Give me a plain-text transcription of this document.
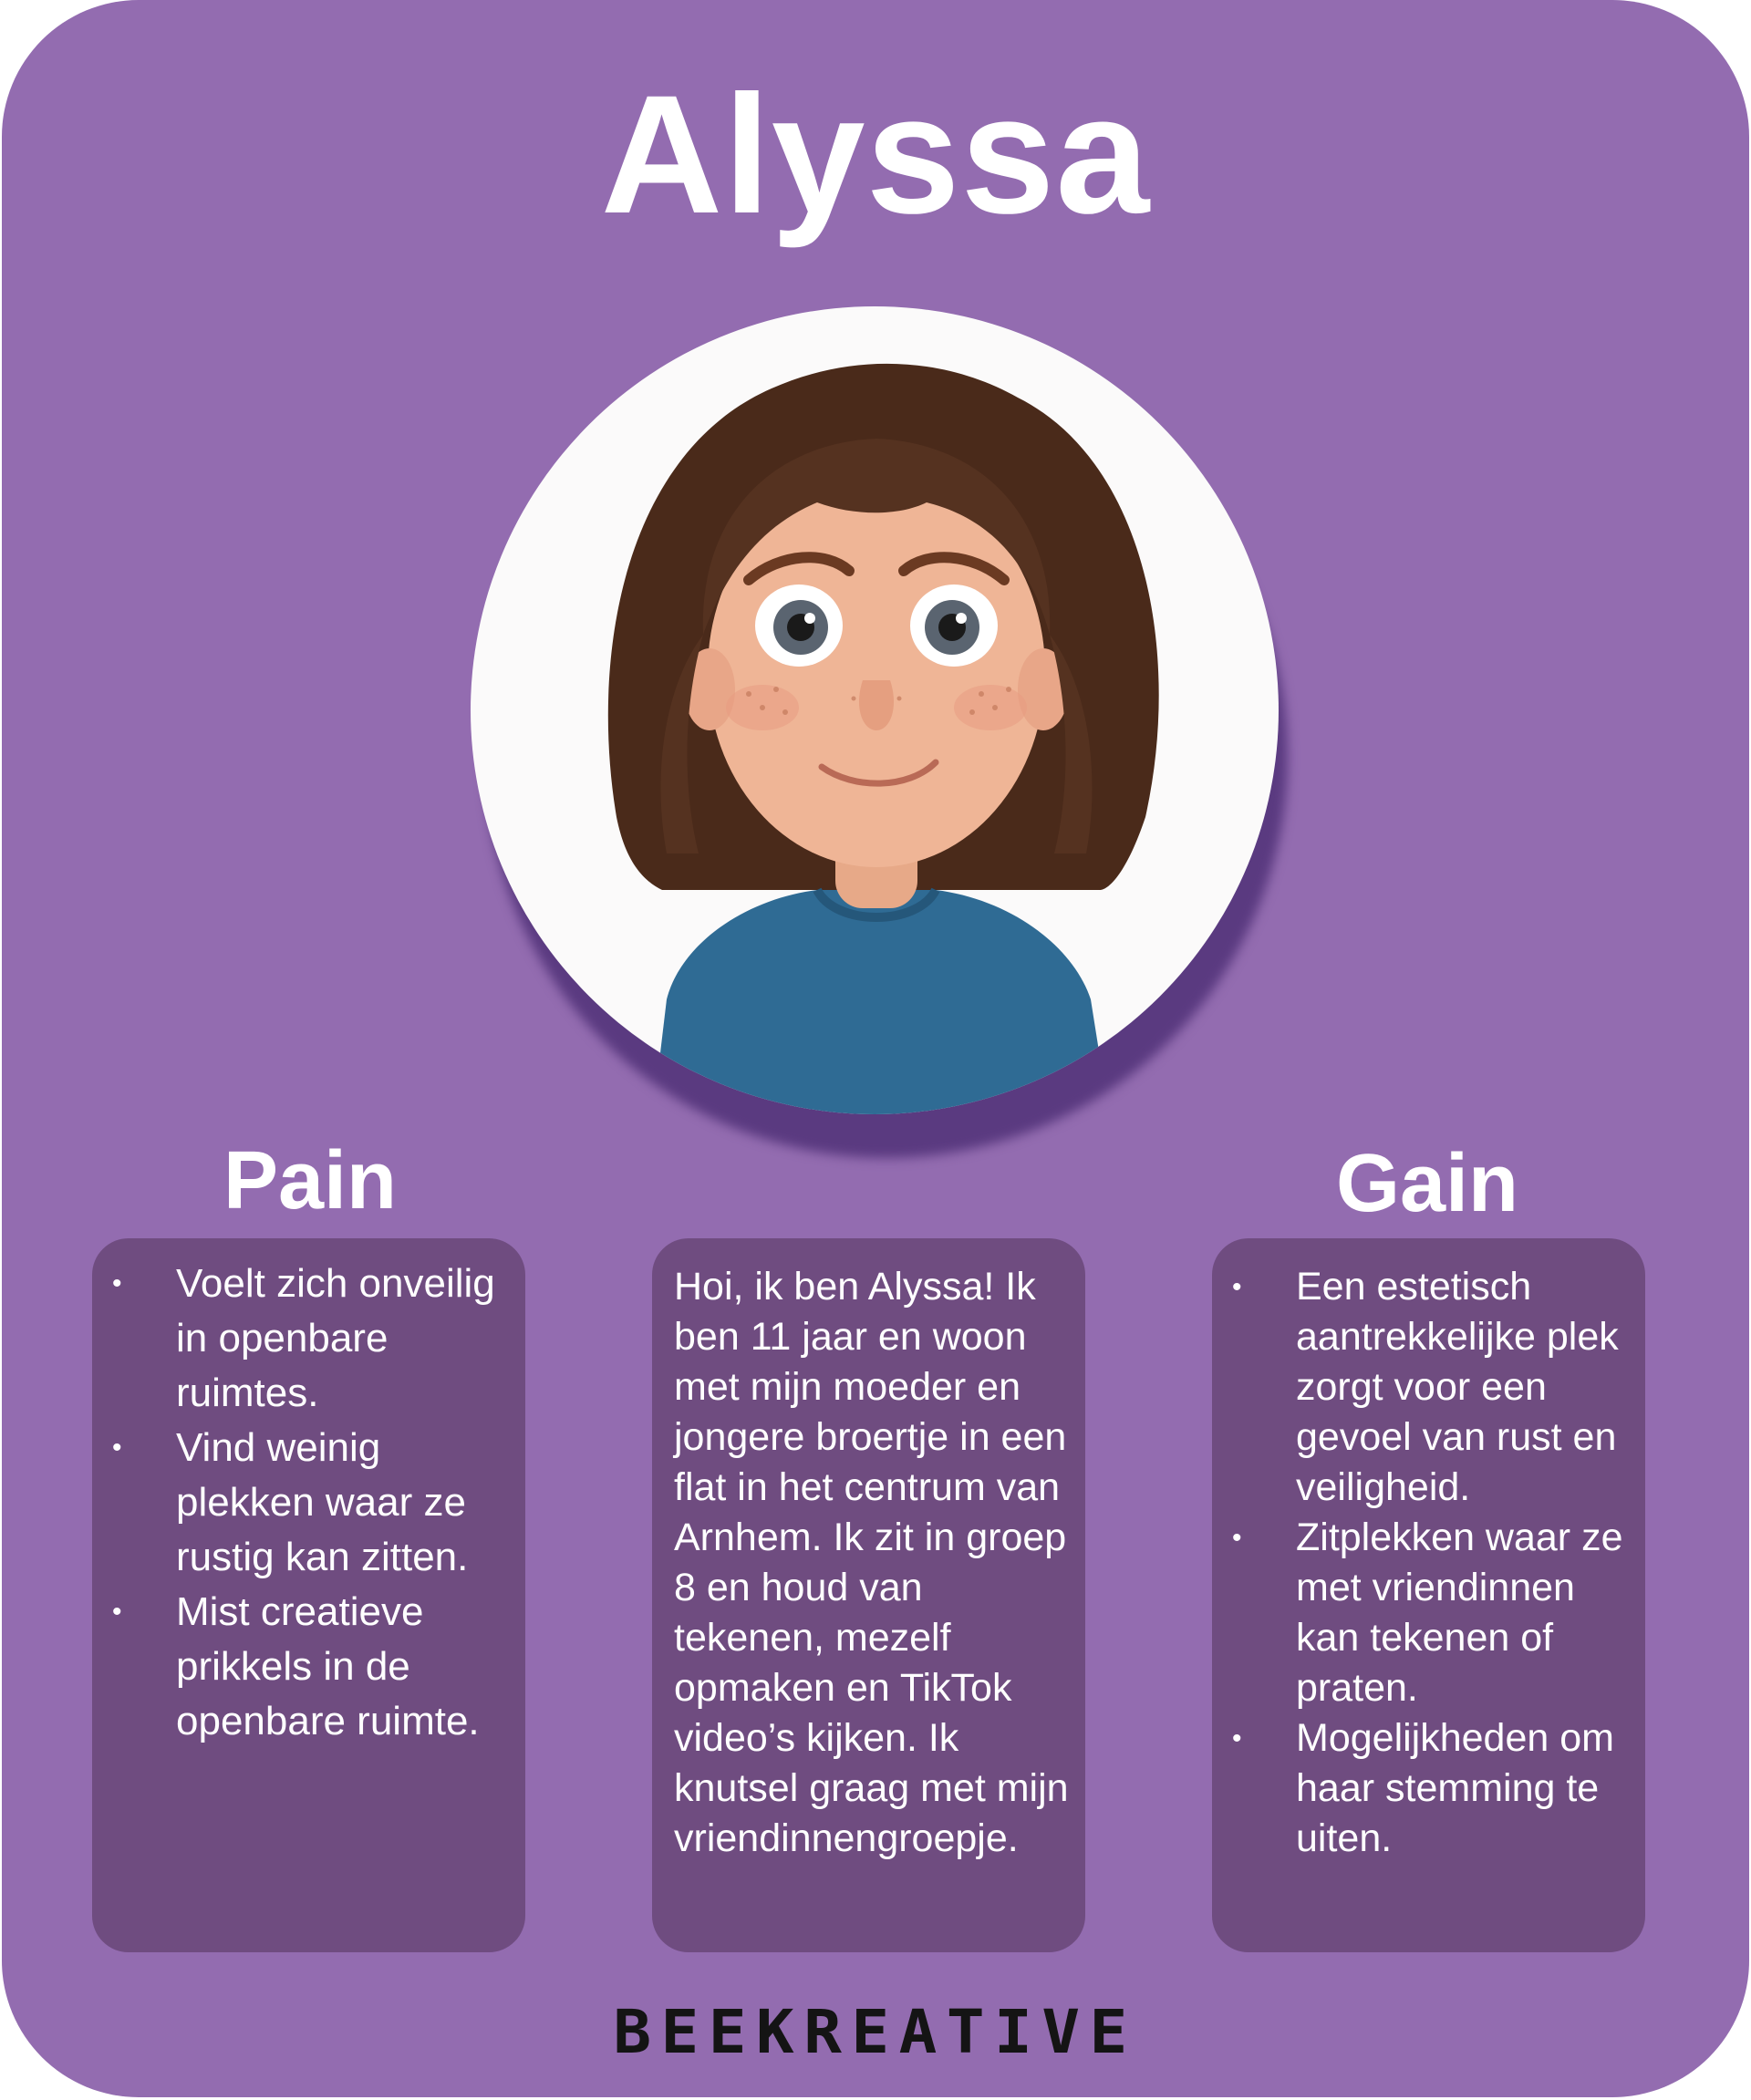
Alyssa
Pain	Gain
• Voelt zich onveilig in openbare ruimtes.
• Vind weinig plekken waar ze rustig kan zitten.
• Mist creatieve prikkels in de openbare ruimte.
Hoi, ik ben Alyssa! Ik ben 11 jaar en woon met mijn moeder en jongere broertje in een flat in het centrum van Arnhem. Ik zit in groep 8 en houd van tekenen, mezelf opmaken en TikTok video’s kijken. Ik knutsel graag met mijn vriendinnengroepje.
• Een estetisch aantrekkelijke plek zorgt voor een gevoel van rust en veiligheid.
• Zitplekken waar ze met vriendinnen kan tekenen of praten.
• Mogelijkheden om haar stemming te uiten.
BEEKREATIVE
